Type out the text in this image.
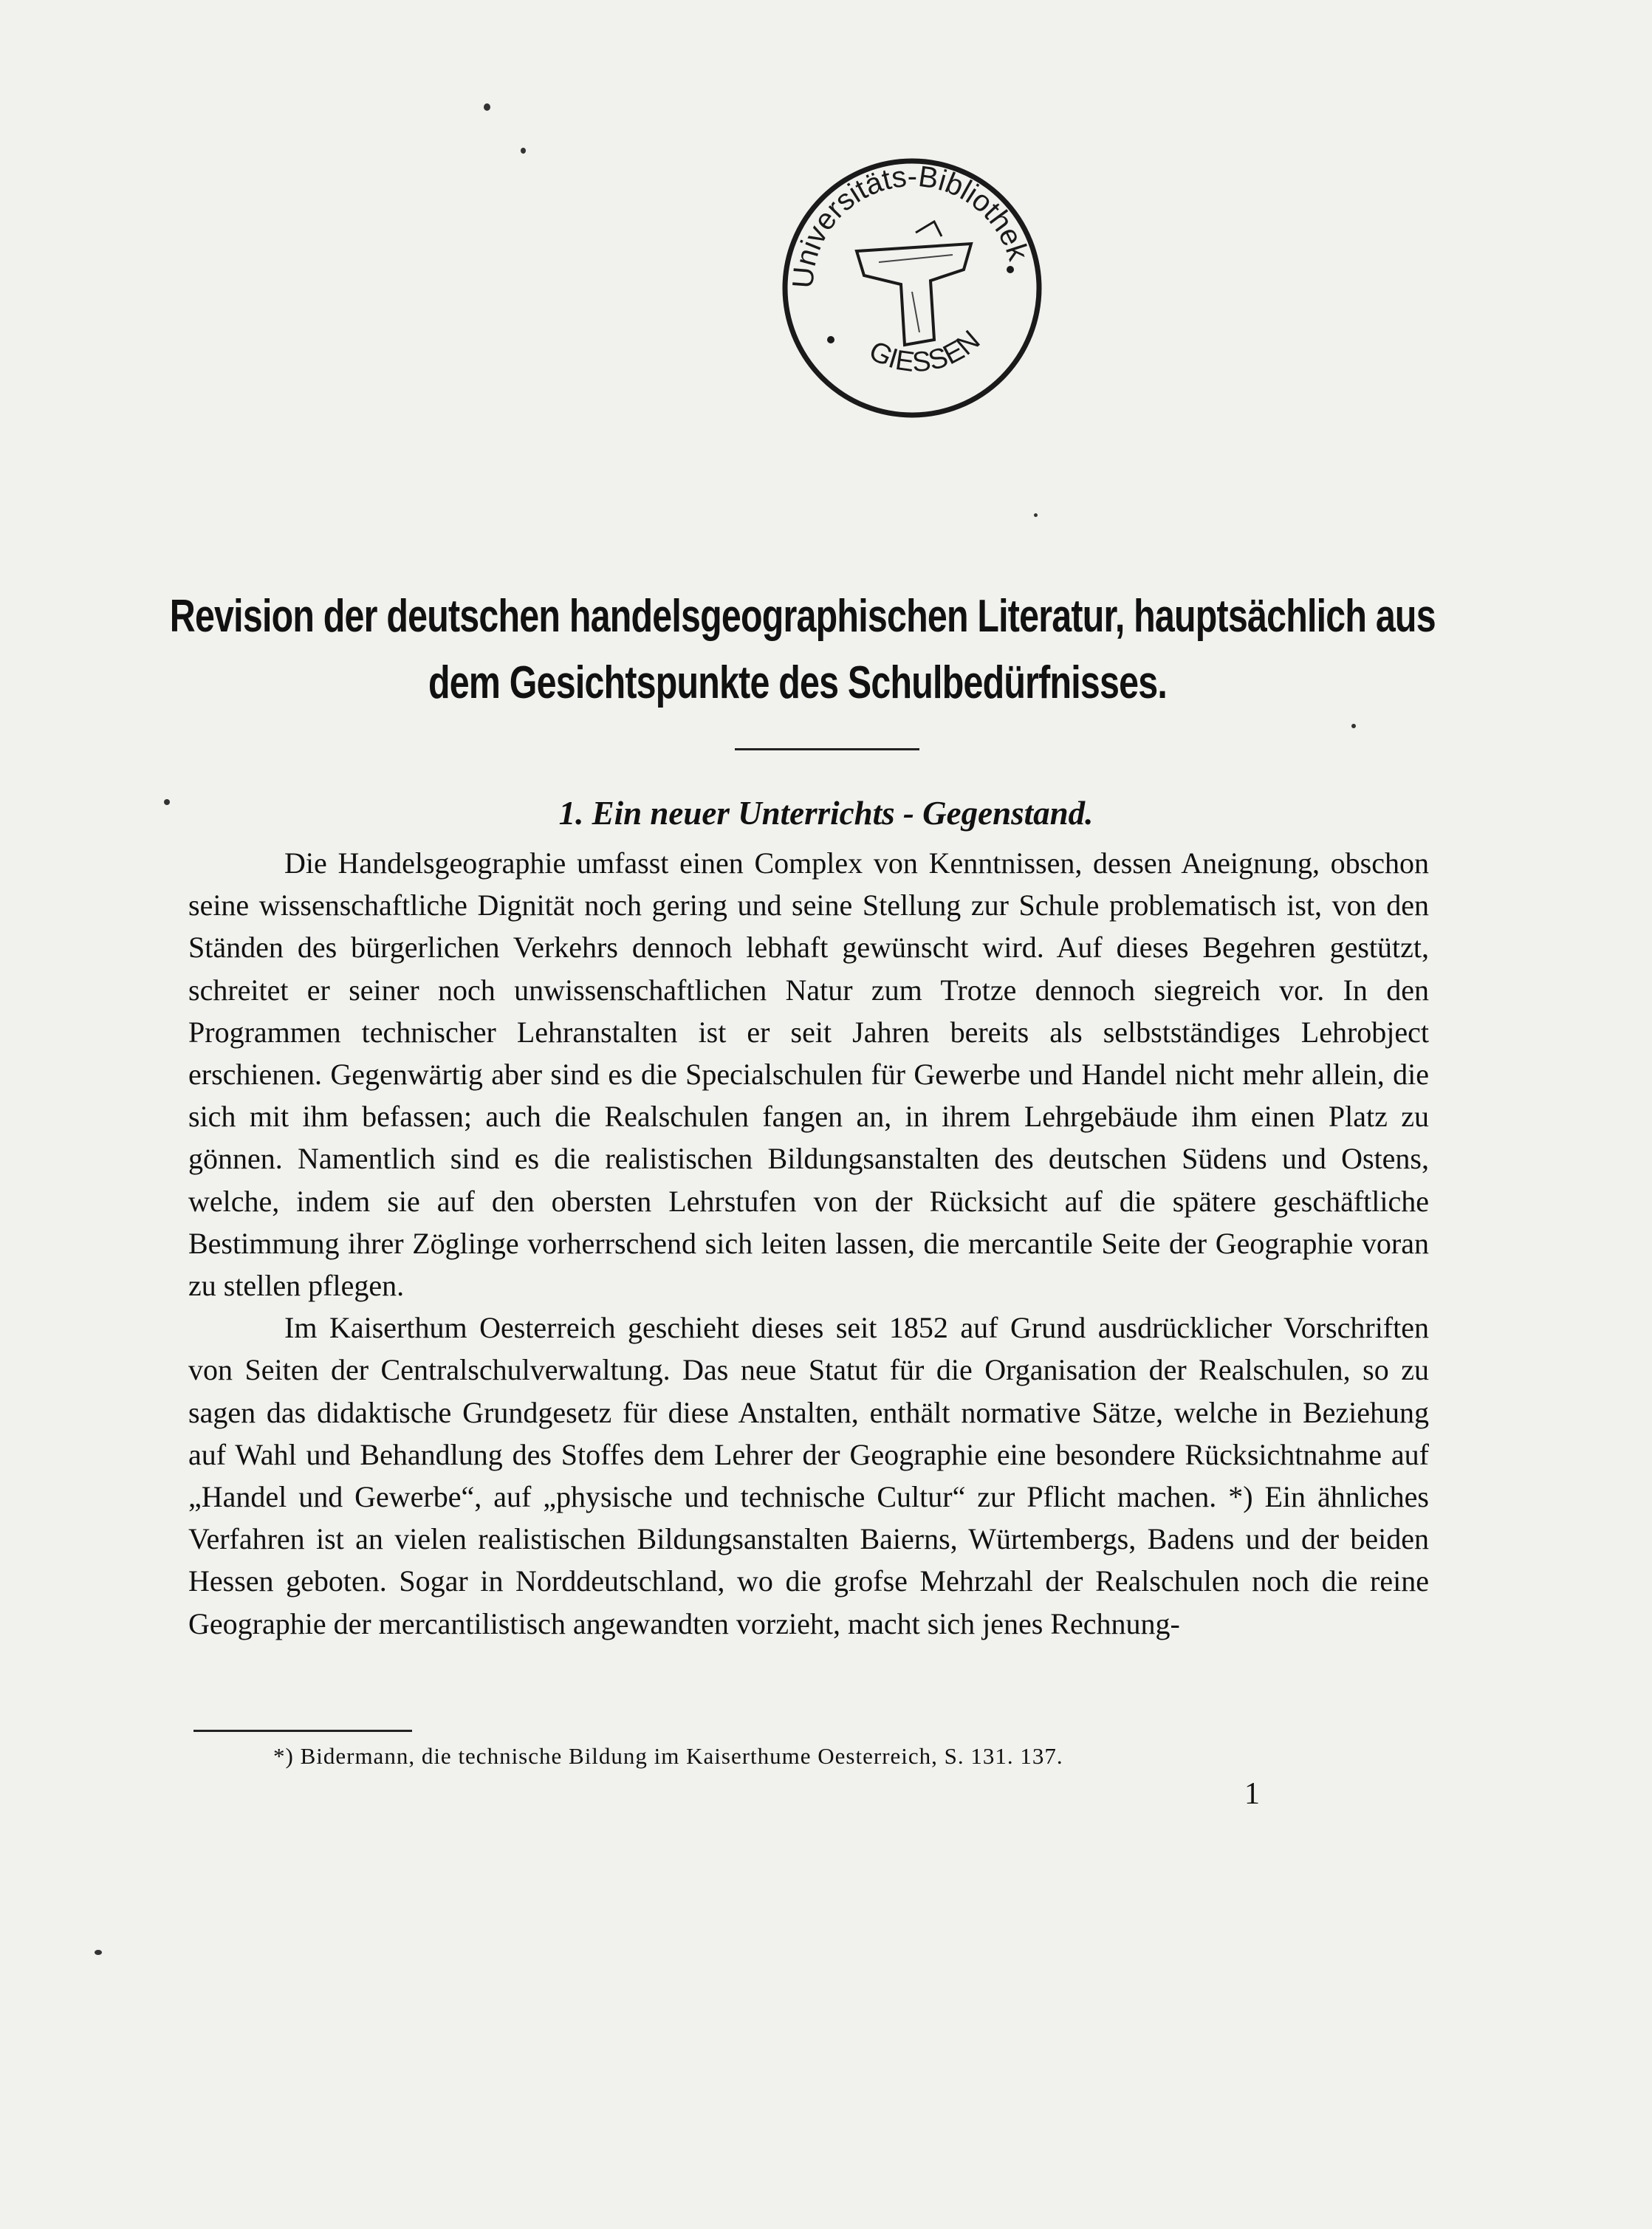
Universitäts-Bibliothek
GIESSEN
Revision der deutschen handelsgeographischen Literatur, hauptsächlich aus
dem Gesichtspunkte des Schulbedürfnisses.
1. Ein neuer Unterrichts - Gegenstand.

Die Handelsgeographie umfasst einen Complex von Kenntnissen, dessen Aneignung, obschon seine wissenschaftliche Dignität noch gering und seine Stellung zur Schule problematisch ist, von den Ständen des bürgerlichen Verkehrs dennoch lebhaft gewünscht wird. Auf dieses Begehren gestützt, schreitet er seiner noch unwissenschaftlichen Natur zum Trotze dennoch siegreich vor. In den Programmen technischer Lehranstalten ist er seit Jahren bereits als selbstständiges Lehrobject erschienen. Gegenwärtig aber sind es die Specialschulen für Gewerbe und Handel nicht mehr allein, die sich mit ihm befassen; auch die Realschulen fangen an, in ihrem Lehrgebäude ihm einen Platz zu gönnen. Namentlich sind es die realistischen Bildungsanstalten des deutschen Südens und Ostens, welche, indem sie auf den obersten Lehrstufen von der Rücksicht auf die spätere geschäftliche Bestimmung ihrer Zöglinge vorherrschend sich leiten lassen, die mercantile Seite der Geographie voran zu stellen pflegen.

Im Kaiserthum Oesterreich geschieht dieses seit 1852 auf Grund ausdrücklicher Vorschriften von Seiten der Centralschulverwaltung. Das neue Statut für die Organisation der Realschulen, so zu sagen das didaktische Grundgesetz für diese Anstalten, enthält normative Sätze, welche in Beziehung auf Wahl und Behandlung des Stoffes dem Lehrer der Geographie eine besondere Rücksichtnahme auf „Handel und Gewerbe“, auf „physische und technische Cultur“ zur Pflicht machen. *) Ein ähnliches Verfahren ist an vielen realistischen Bildungsanstalten Baierns, Würtembergs, Badens und der beiden Hessen geboten. Sogar in Norddeutschland, wo die grofse Mehrzahl der Realschulen noch die reine Geographie der mercantilistisch angewandten vorzieht, macht sich jenes Rechnung-

*) Bidermann, die technische Bildung im Kaiserthume Oesterreich, S. 131. 137.
1
